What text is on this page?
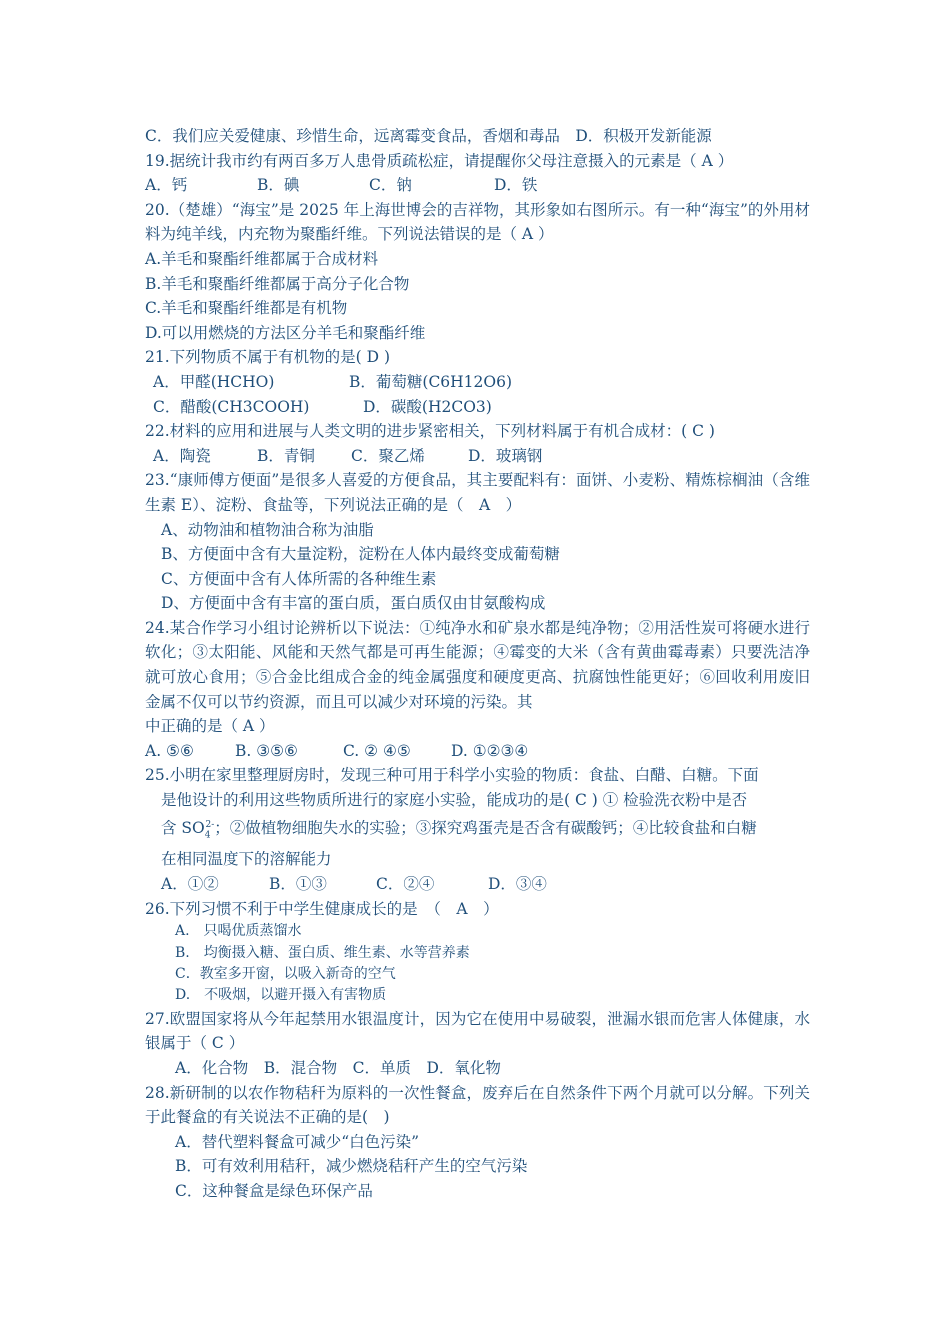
C．我们应关爱健康、珍惜生命，远离霉变食品，香烟和毒品　D．积极开发新能源
19.据统计我市约有两百多万人患骨质疏松症，请提醒你父母注意摄入的元素是（ A ）
A．钙	B．碘	C．钠	D．铁
20.（楚雄）“海宝”是 2025 年上海世博会的吉祥物，其形象如右图所示。有一种“海宝”的外用材料为纯羊线，内充物为聚酯纤维。下列说法错误的是（ A ）
A.羊毛和聚酯纤维都属于合成材料
B.羊毛和聚酯纤维都属于高分子化合物
C.羊毛和聚酯纤维都是有机物
D.可以用燃烧的方法区分羊毛和聚酯纤维
21.下列物质不属于有机物的是( D )
A．甲醛(HCHO)	B．葡萄糖(C6H12O6)
C．醋酸(CH3COOH)	D．碳酸(H2CO3)
22.材料的应用和进展与人类文明的进步紧密相关，下列材料属于有机合成材：( C )
A．陶瓷	B．青铜	C．聚乙烯	D．玻璃钢
23.“康师傅方便面”是很多人喜爱的方便食品，其主要配料有：面饼、小麦粉、精炼棕榈油（含维生素 E）、淀粉、食盐等，下列说法正确的是（　A　）
A、动物油和植物油合称为油脂
B、方便面中含有大量淀粉，淀粉在人体内最终变成葡萄糖
C、方便面中含有人体所需的各种维生素
D、方便面中含有丰富的蛋白质，蛋白质仅由甘氨酸构成
24.某合作学习小组讨论辨析以下说法：①纯净水和矿泉水都是纯净物；②用活性炭可将硬水进行软化；③太阳能、风能和天然气都是可再生能源；④霉变的大米（含有黄曲霉毒素）只要洗洁净就可放心食用；⑤合金比组成合金的纯金属强度和硬度更高、抗腐蚀性能更好；⑥回收利用废旧金属不仅可以节约资源，而且可以减少对环境的污染。其
中正确的是（ A ）
A. ⑤⑥	B. ③⑤⑥	C. ② ④⑤	D. ①②③④
25.小明在家里整理厨房时，发现三种可用于科学小实验的物质：食盐、白醋、白糖。下面
是他设计的利用这些物质所进行的家庭小实验，能成功的是( C ) ① 检验洗衣粉中是否
含 $SO_4^{2-}$；②做植物细胞失水的实验；③探究鸡蛋壳是否含有碳酸钙；④比较食盐和白糖
在相同温度下的溶解能力
A．①②	B．①③	C．②④	D．③④
26.下列习惯不利于中学生健康成长的是　（　A　）
A.　只喝优质蒸馏水
B.　均衡摄入糖、蛋白质、维生素、水等营养素
C．教室多开窗，以吸入新奇的空气
D.　不吸烟，以避开摄入有害物质
27.欧盟国家将从今年起禁用水银温度计，因为它在使用中易破裂，泄漏水银而危害人体健康，水银属于（ C ）
A．化合物　B．混合物　C．单质　D．氧化物
28.新研制的以农作物秸秆为原料的一次性餐盒，废弃后在自然条件下两个月就可以分解。下列关于此餐盒的有关说法不正确的是(　)
A．替代塑料餐盒可减少“白色污染”
B．可有效利用秸秆，减少燃烧秸秆产生的空气污染
C．这种餐盒是绿色环保产品
